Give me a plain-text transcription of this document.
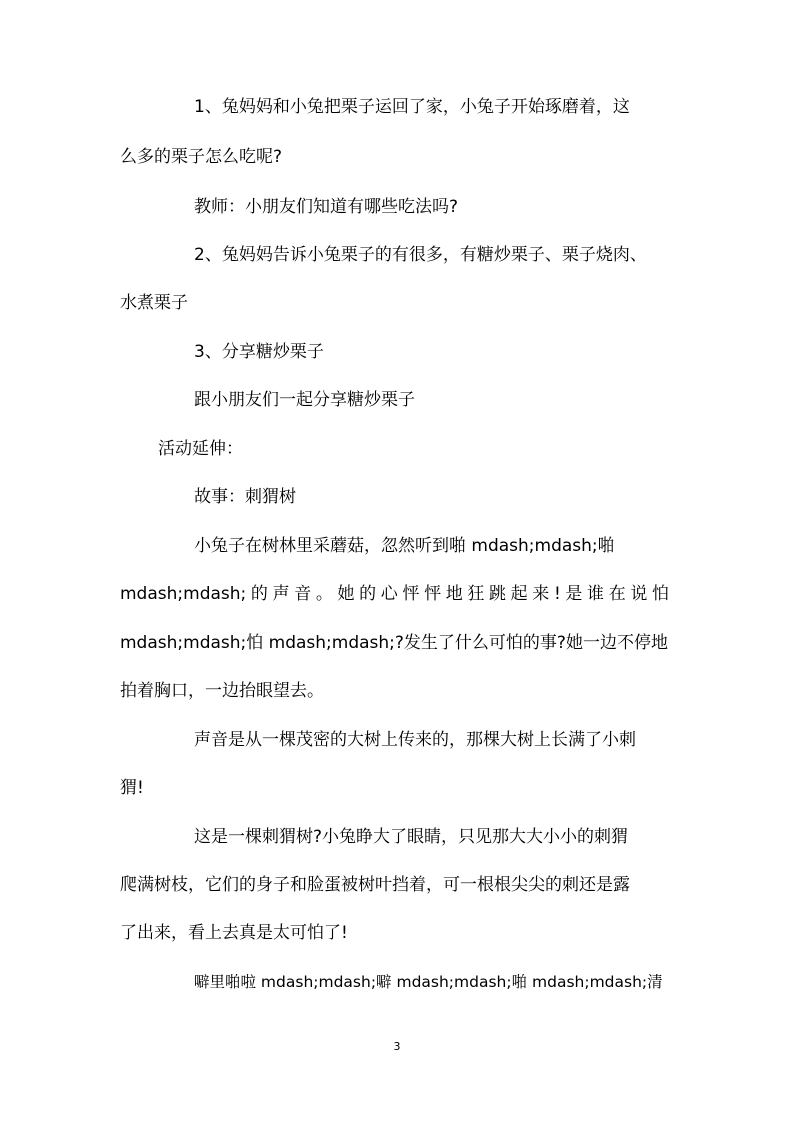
1、兔妈妈和小兔把栗子运回了家，小兔子开始琢磨着，这

么多的栗子怎么吃呢?

教师：小朋友们知道有哪些吃法吗?

2、兔妈妈告诉小兔栗子的有很多，有糖炒栗子、栗子烧肉、

水煮栗子

3、分享糖炒栗子

跟小朋友们一起分享糖炒栗子

活动延伸：

故事：刺猬树

小兔子在树林里采蘑菇，忽然听到啪 mdash;mdash;啪

mdash;mdash;的声音。她的心怦怦地狂跳起来!是谁在说怕

mdash;mdash;怕 mdash;mdash;?发生了什么可怕的事?她一边不停地

拍着胸口，一边抬眼望去。

声音是从一棵茂密的大树上传来的，那棵大树上长满了小刺

猬!

这是一棵刺猬树?小兔睁大了眼睛，只见那大大小小的刺猬

爬满树枝，它们的身子和脸蛋被树叶挡着，可一根根尖尖的刺还是露

了出来，看上去真是太可怕了!

噼里啪啦 mdash;mdash;噼 mdash;mdash;啪 mdash;mdash;清

3
